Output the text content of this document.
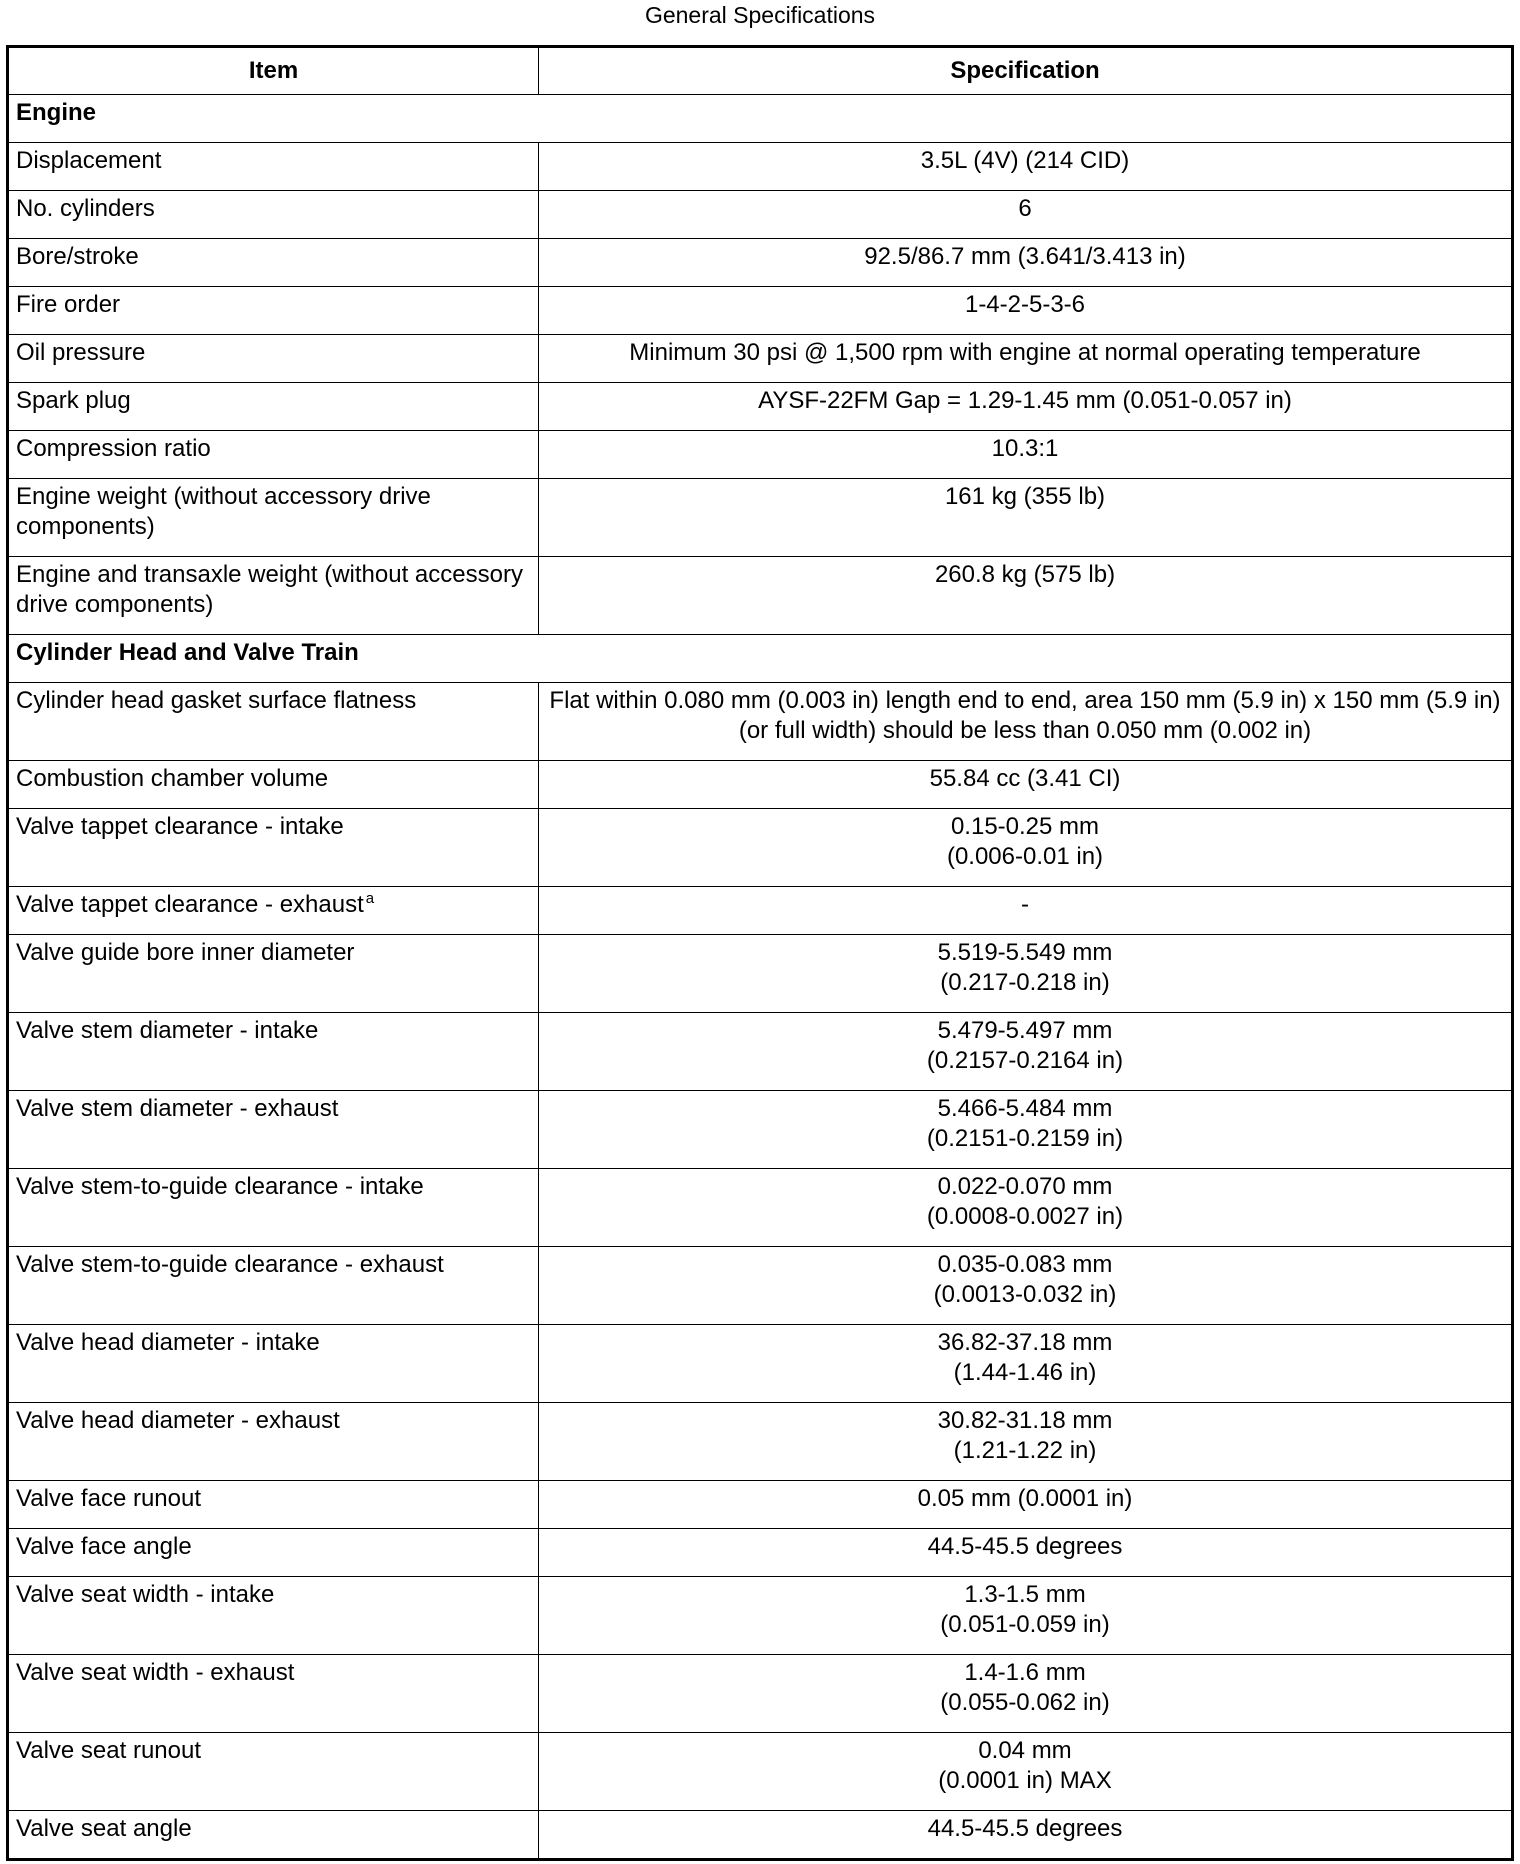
General Specifications
Item	Specification
Engine	
Displacement	3.5L (4V) (214 CID)

No. cylinders	6

Bore/stroke	92.5/86.7 mm (3.641/3.413 in)

Fire order	1-4-2-5-3-6

Oil pressure	Minimum 30 psi @ 1,500 rpm with engine at normal operating temperature

Spark plug	AYSF-22FM Gap = 1.29-1.45 mm (0.051-0.057 in)

Compression ratio	10.3:1

Engine weight (without accessory drive components)	161 kg (355 lb)

Engine and transaxle weight (without accessory drive components)	260.8 kg (575 lb)

Cylinder Head and Valve Train	
Cylinder head gasket surface flatness	Flat within 0.080 mm (0.003 in) length end to end, area 150 mm (5.9 in) x 150 mm (5.9 in) (or full width) should be less than 0.050 mm (0.002 in)

Combustion chamber volume	55.84 cc (3.41 CI)

Valve tappet clearance - intake	0.15-0.25 mm
(0.006-0.01 in)

Valve tappet clearance - exhaust $^a$	-

Valve guide bore inner diameter	5.519-5.549 mm
(0.217-0.218 in)

Valve stem diameter - intake	5.479-5.497 mm
(0.2157-0.2164 in)

Valve stem diameter - exhaust	5.466-5.484 mm
(0.2151-0.2159 in)

Valve stem-to-guide clearance - intake	0.022-0.070 mm
(0.0008-0.0027 in)

Valve stem-to-guide clearance - exhaust	0.035-0.083 mm
(0.0013-0.032 in)

Valve head diameter - intake	36.82-37.18 mm
(1.44-1.46 in)

Valve head diameter - exhaust	30.82-31.18 mm
(1.21-1.22 in)

Valve face runout	0.05 mm (0.0001 in)

Valve face angle	44.5-45.5 degrees

Valve seat width - intake	1.3-1.5 mm
(0.051-0.059 in)

Valve seat width - exhaust	1.4-1.6 mm
(0.055-0.062 in)

Valve seat runout	0.04 mm
(0.0001 in) MAX

Valve seat angle	44.5-45.5 degrees
